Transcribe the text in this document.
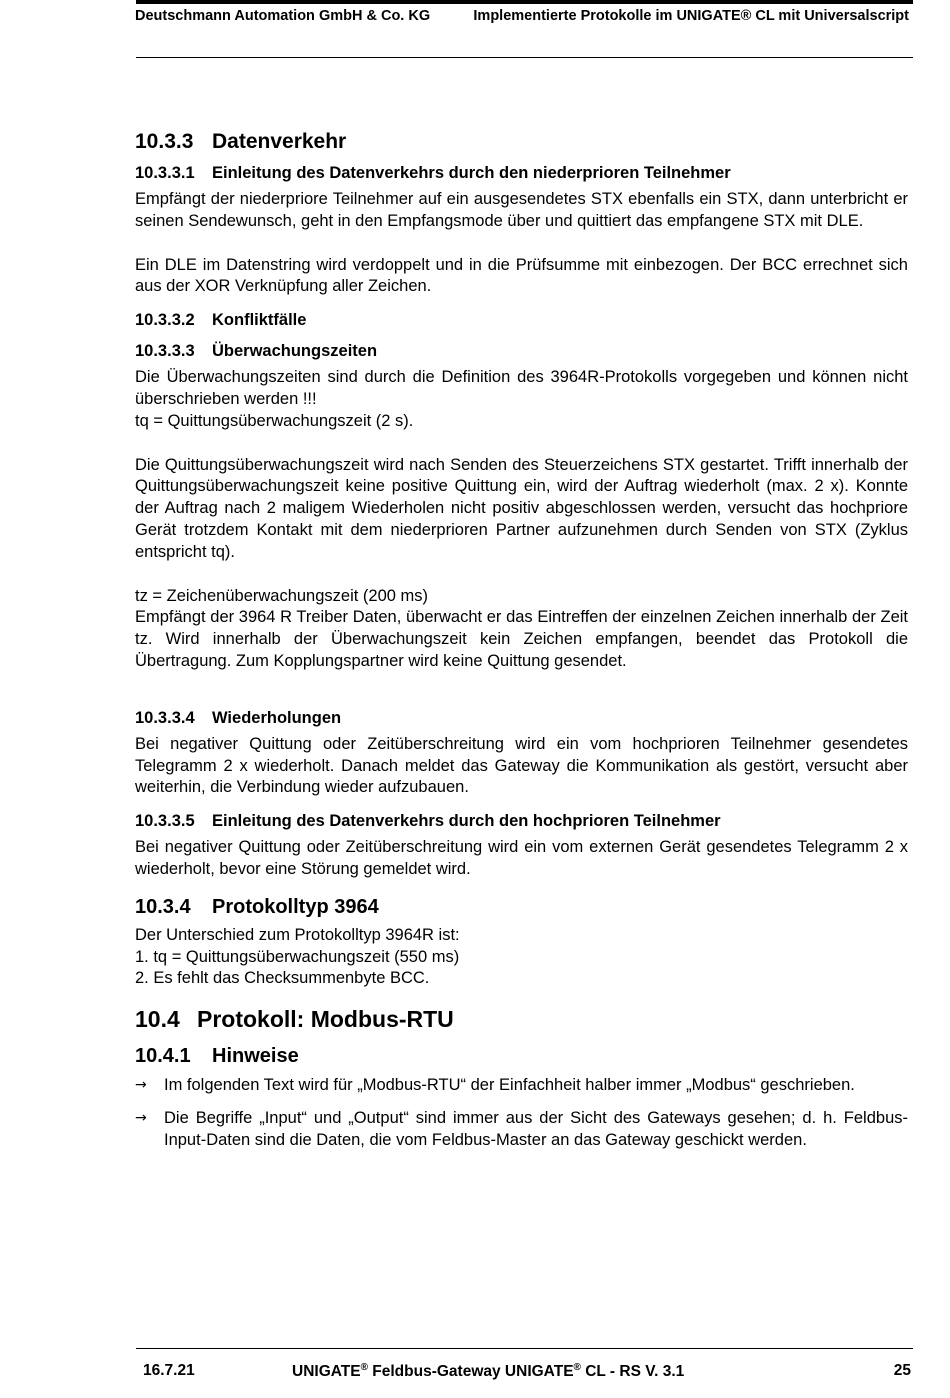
Deutschmann Automation GmbH & Co. KG	Implementierte Protokolle im UNIGATE® CL mit Universalscript
10.3.3 Datenverkehr
10.3.3.1 Einleitung des Datenverkehrs durch den niederprioren Teilnehmer

Empfängt der niederpriore Teilnehmer auf ein ausgesendetes STX ebenfalls ein STX, dann unterbricht er seinen Sendewunsch, geht in den Empfangsmode über und quittiert das empfangene STX mit DLE.

Ein DLE im Datenstring wird verdoppelt und in die Prüfsumme mit einbezogen. Der BCC errechnet sich aus der XOR Verknüpfung aller Zeichen.

10.3.3.2 Konfliktfälle
10.3.3.3 Überwachungszeiten

Die Überwachungszeiten sind durch die Definition des 3964R-Protokolls vorgegeben und können nicht überschrieben werden !!!

tq = Quittungsüberwachungszeit (2 s).

Die Quittungsüberwachungszeit wird nach Senden des Steuerzeichens STX gestartet. Trifft innerhalb der Quittungsüberwachungszeit keine positive Quittung ein, wird der Auftrag wiederholt (max. 2 x). Konnte der Auftrag nach 2 maligem Wiederholen nicht positiv abgeschlossen werden, versucht das hochpriore Gerät trotzdem Kontakt mit dem niederprioren Partner aufzunehmen durch Senden von STX (Zyklus entspricht tq).

tz = Zeichenüberwachungszeit (200 ms)

Empfängt der 3964 R Treiber Daten, überwacht er das Eintreffen der einzelnen Zeichen innerhalb der Zeit tz. Wird innerhalb der Überwachungszeit kein Zeichen empfangen, beendet das Protokoll die Übertragung. Zum Kopplungspartner wird keine Quittung gesendet.

10.3.3.4 Wiederholungen

Bei negativer Quittung oder Zeitüberschreitung wird ein vom hochprioren Teilnehmer gesendetes Telegramm 2 x wiederholt. Danach meldet das Gateway die Kommunikation als gestört, versucht aber weiterhin, die Verbindung wieder aufzubauen.

10.3.3.5 Einleitung des Datenverkehrs durch den hochprioren Teilnehmer

Bei negativer Quittung oder Zeitüberschreitung wird ein vom externen Gerät gesendetes Telegramm 2 x wiederholt, bevor eine Störung gemeldet wird.

10.3.4 Protokolltyp 3964

Der Unterschied zum Protokolltyp 3964R ist:

1. tq = Quittungsüberwachungszeit (550 ms)

2. Es fehlt das Checksummenbyte BCC.

10.4 Protokoll: Modbus-RTU
10.4.1 Hinweise
→ Im folgenden Text wird für „Modbus-RTU“ der Einfachheit halber immer „Modbus“ geschrieben.
→ Die Begriffe „Input“ und „Output“ sind immer aus der Sicht des Gateways gesehen; d. h. Feldbus-Input-Daten sind die Daten, die vom Feldbus-Master an das Gateway geschickt werden.
16.7.21	UNIGATE® Feldbus-Gateway UNIGATE® CL - RS V. 3.1	25
